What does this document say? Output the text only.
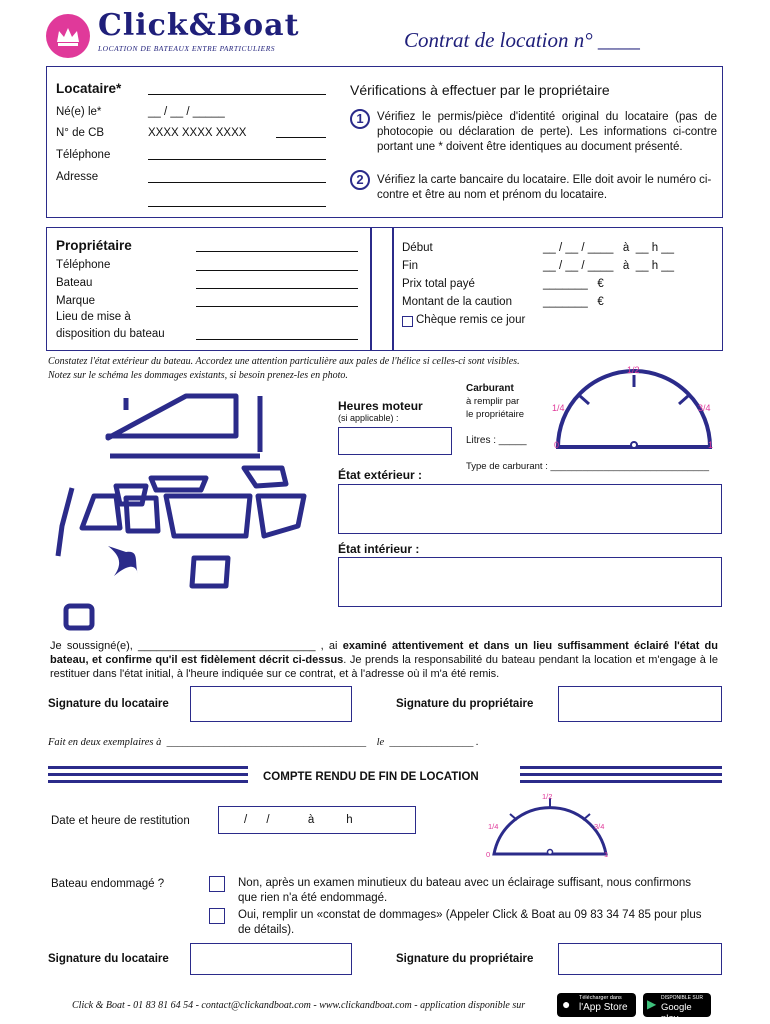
Click&Boat
LOCATION DE BATEAUX ENTRE PARTICULIERS	Contrat de location n° ____
Locataire*
Né(e) le*	__ / __ / _____
N° de CB	XXXX XXXX XXXX
Téléphone
Adresse
Vérifications à effectuer par le propriétaire
1	Vérifiez le permis/pièce d'identité original du locataire (pas de photocopie ou déclaration de perte). Les informations ci-contre portant une * doivent être identiques au document présenté.
2	Vérifiez la carte bancaire du locataire. Elle doit avoir le numéro ci-contre et être au nom et prénom du locataire.
Propriétaire
Téléphone
Bateau
Marque
Lieu de mise à
disposition du bateau
Début	__ / __ / ____   à  __ h __
Fin	__ / __ / ____   à  __ h __
Prix total payé	_______   €
Montant de la caution	_______   €
Chèque remis ce jour
Constatez l'état extérieur du bateau. Accordez une attention particulière aux pales de l'hélice si celles-ci sont visibles.
Notez sur le schéma les dommages existants, si besoin prenez-les en photo.
Heures moteur
(si applicable) :
Carburant
à remplir par
le propriétaire
Litres : _____
Type de carburant : ______________________________
1/2
1/4	3/4
0	1
État extérieur :
État intérieur :
Je soussigné(e), _____________________________ , ai examiné attentivement et dans un lieu suffisamment éclairé l'état du bateau, et confirme qu'il est fidèlement décrit ci-dessus. Je prends la responsabilité du bateau pendant la location et m'engage à le restituer dans l'état initial, à l'heure indiquée sur ce contrat, et à l'adresse où il m'a été remis.
Signature du locataire	Signature du propriétaire
Fait en deux exemplaires à  ______________________________________    le  ________________ .
COMPTE RENDU DE FIN DE LOCATION
Date et heure de restitution	/      /            à          h
1/2
1/4	3/4
0	1
Bateau endommagé ?	Non, après un examen minutieux du bateau avec un éclairage suffisant, nous confirmons que rien n'a été endommagé.
Oui, remplir un «constat de dommages» (Appeler Click & Boat au 09 83 34 74 85 pour plus de détails).
Signature du locataire	Signature du propriétaire
Click & Boat - 01 83 81 64 54 - contact@clickandboat.com - www.clickandboat.com - application disponible sur	● Télécharger dans
l'App Store ▶ DISPONIBLE SUR
Google play
